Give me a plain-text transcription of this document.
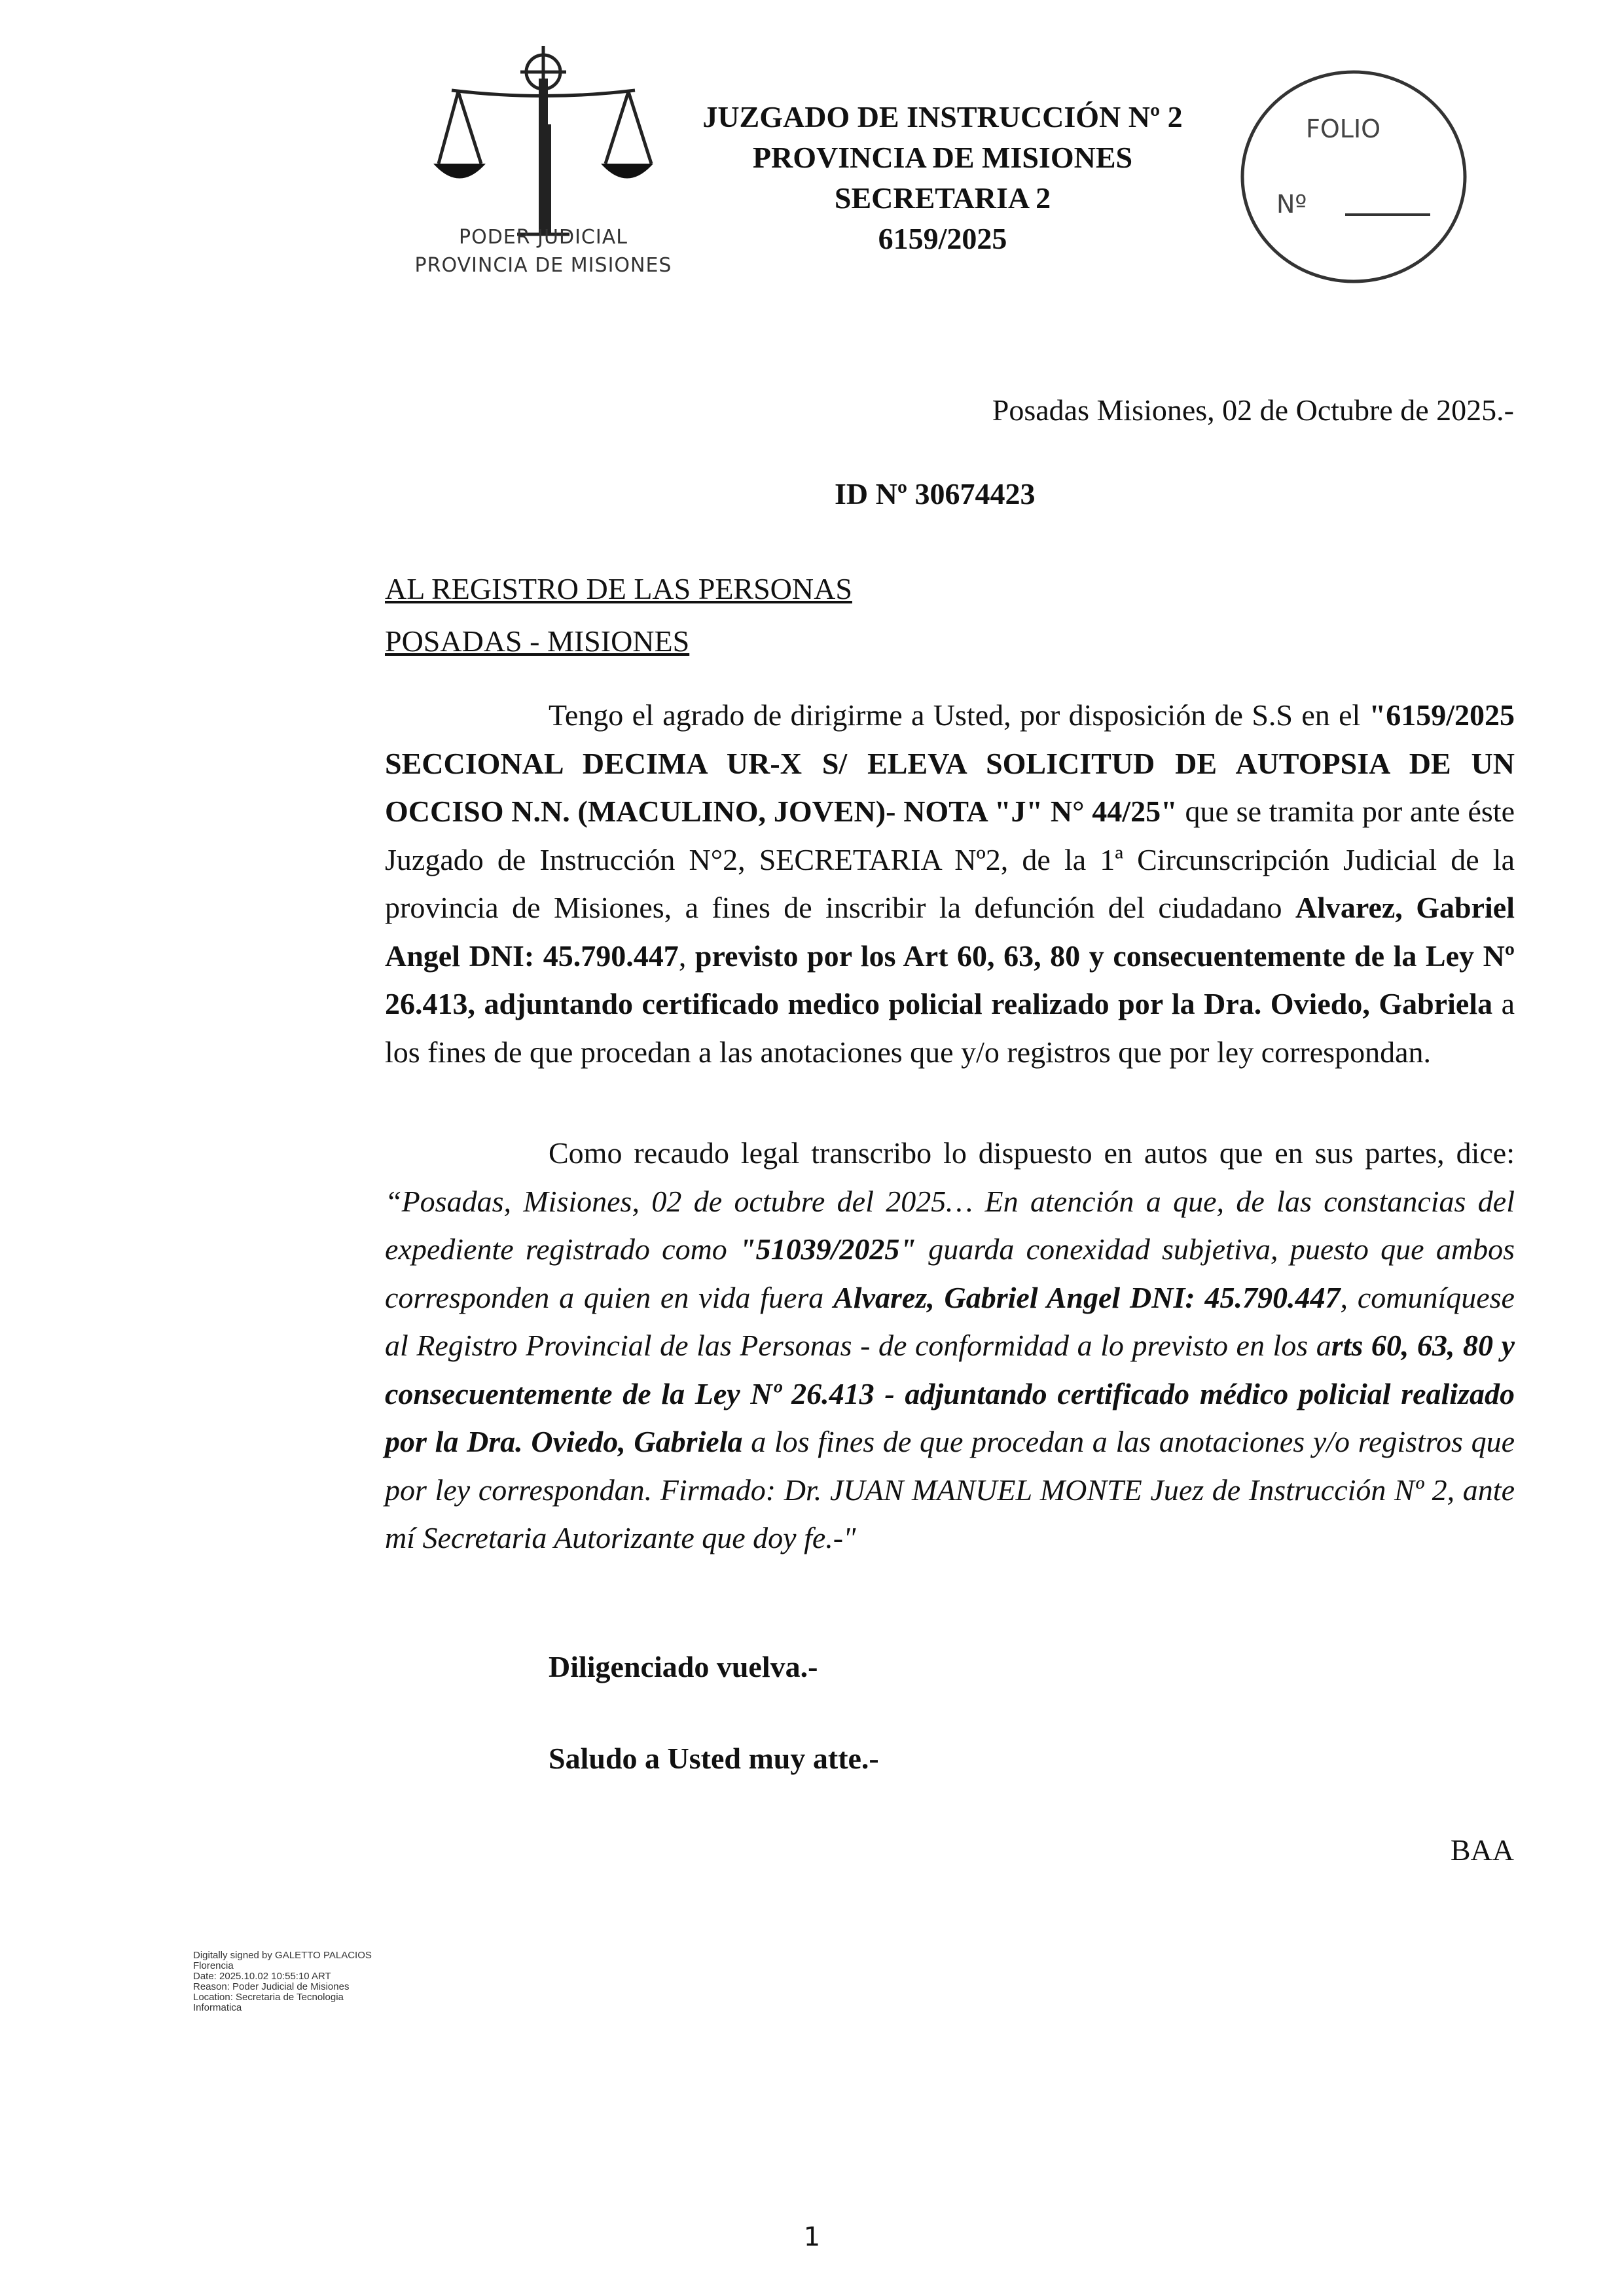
PODER JUDICIAL
PROVINCIA DE MISIONES
JUZGADO DE INSTRUCCIÓN Nº 2
PROVINCIA DE MISIONES
SECRETARIA 2
6159/2025
FOLIO
Nº
Posadas Misiones, 02 de Octubre de 2025.-
ID Nº 30674423
AL REGISTRO DE LAS PERSONAS
POSADAS - MISIONES
Tengo el agrado de dirigirme a Usted, por disposición de S.S en el "6159/2025 SECCIONAL DECIMA UR-X S/ ELEVA SOLICITUD DE AUTOPSIA DE UN OCCISO N.N. (MACULINO, JOVEN)- NOTA "J" N° 44/25" que se tramita por ante éste Juzgado de Instrucción N°2, SECRETARIA Nº2, de la 1ª Circunscripción Judicial de la provincia de Misiones, a fines de inscribir la defunción del ciudadano Alvarez, Gabriel Angel DNI: 45.790.447, previsto por los Art 60, 63, 80 y consecuentemente de la Ley Nº 26.413, adjuntando certificado medico policial realizado por la Dra. Oviedo, Gabriela a los fines de que procedan a las anotaciones que y/o registros que por ley correspondan.
Como recaudo legal transcribo lo dispuesto en autos que en sus partes, dice: “Posadas, Misiones, 02 de octubre del 2025… En atención a que, de las constancias del expediente registrado como "51039/2025" guarda conexidad subjetiva, puesto que ambos corresponden a quien en vida fuera Alvarez, Gabriel Angel DNI: 45.790.447, comuníquese al Registro Provincial de las Personas - de conformidad a lo previsto en los arts 60, 63, 80 y consecuentemente de la Ley Nº 26.413 - adjuntando certificado médico policial realizado por la Dra. Oviedo, Gabriela a los fines de que procedan a las anotaciones y/o registros que por ley correspondan. Firmado: Dr. JUAN MANUEL MONTE Juez de Instrucción Nº 2, ante mí Secretaria Autorizante que doy fe.-"
Diligenciado vuelva.-
Saludo a Usted muy atte.-
BAA
Digitally signed by GALETTO PALACIOS
Florencia
Date: 2025.10.02 10:55:10 ART
Reason: Poder Judicial de Misiones
Location: Secretaria de Tecnologia
Informatica
1
